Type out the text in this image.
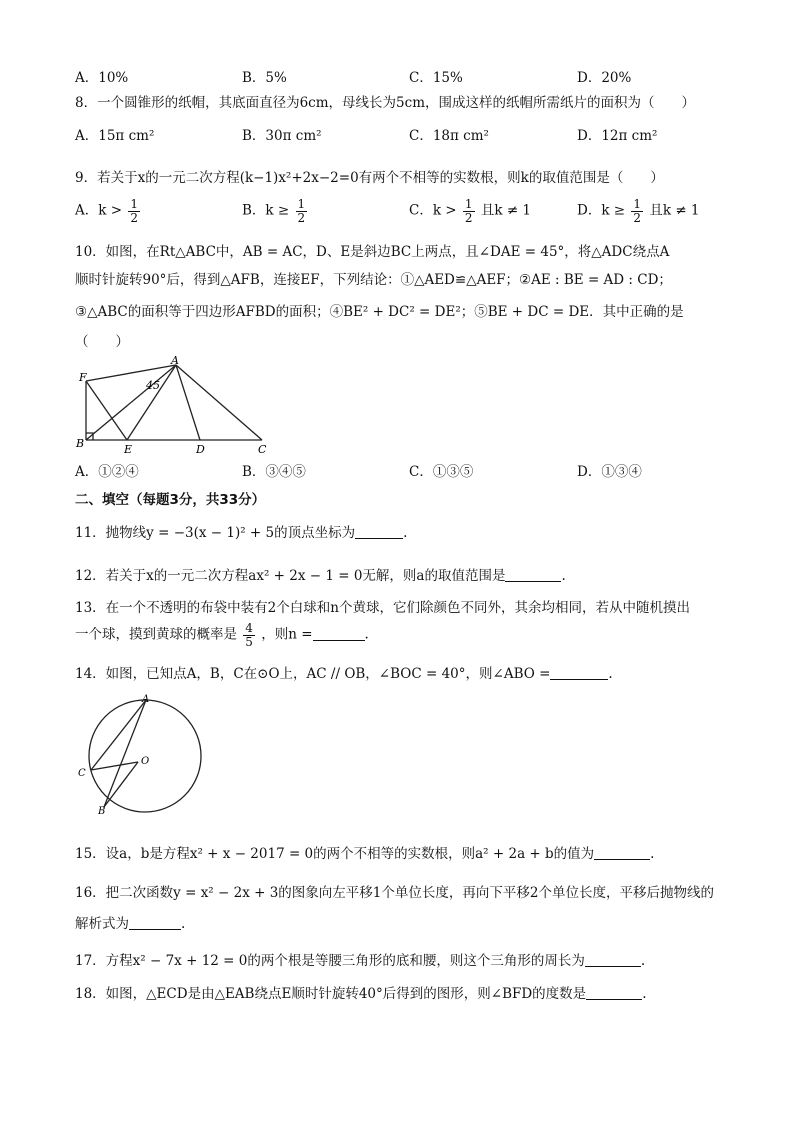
A．10%	B．5%	C．15%	D．20%
8．一个圆锥形的纸帽，其底面直径为6cm，母线长为5cm，围成这样的纸帽所需纸片的面积为（　　）
A．15π cm²	B．30π cm²	C．18π cm²	D．12π cm²
9．若关于x的一元二次方程(k−1)x²+2x−2=0有两个不相等的实数根，则k的取值范围是（　　）
A．$k > \frac{1}{2}$	B．$k \ge \frac{1}{2}$	C．$k > \frac{1}{2}$ 且k ≠ 1	D．$k \ge \frac{1}{2}$ 且k ≠ 1
10．如图，在Rt△ABC中，AB = AC，D、E是斜边BC上两点，且∠DAE = 45°，将△ADC绕点A
顺时针旋转90°后，得到△AFB，连接EF，下列结论：①△AED≌△AEF；②AE : BE = AD : CD；
③△ABC的面积等于四边形AFBD的面积；④BE² + DC² = DE²；⑤BE + DC = DE．其中正确的是
（　　）
A
B	C
D
E
F
45
A．①②④	B．③④⑤	C．①③⑤	D．①③④
二、填空（每题3分，共33分）
11．抛物线y = −3(x − 1)² + 5的顶点坐标为	.
12．若关于x的一元二次方程ax² + 2x − 1 = 0无解，则a的取值范围是	.
13．在一个不透明的布袋中装有2个白球和n个黄球，它们除颜色不同外，其余均相同，若从中随机摸出
一个球，摸到黄球的概率是 $\frac{4}{5}$ ，则n =	.
14．如图，已知点A，B，C在⊙O上，AC // OB，∠BOC = 40°，则∠ABO =	.
A
C
O
B
15．设a，b是方程x² + x − 2017 = 0的两个不相等的实数根，则a² + 2a + b的值为	.
16．把二次函数y = x² − 2x + 3的图象向左平移1个单位长度，再向下平移2个单位长度，平移后抛物线的
解析式为	.
17．方程x² − 7x + 12 = 0的两个根是等腰三角形的底和腰，则这个三角形的周长为	.
18．如图，△ECD是由△EAB绕点E顺时针旋转40°后得到的图形，则∠BFD的度数是	.
